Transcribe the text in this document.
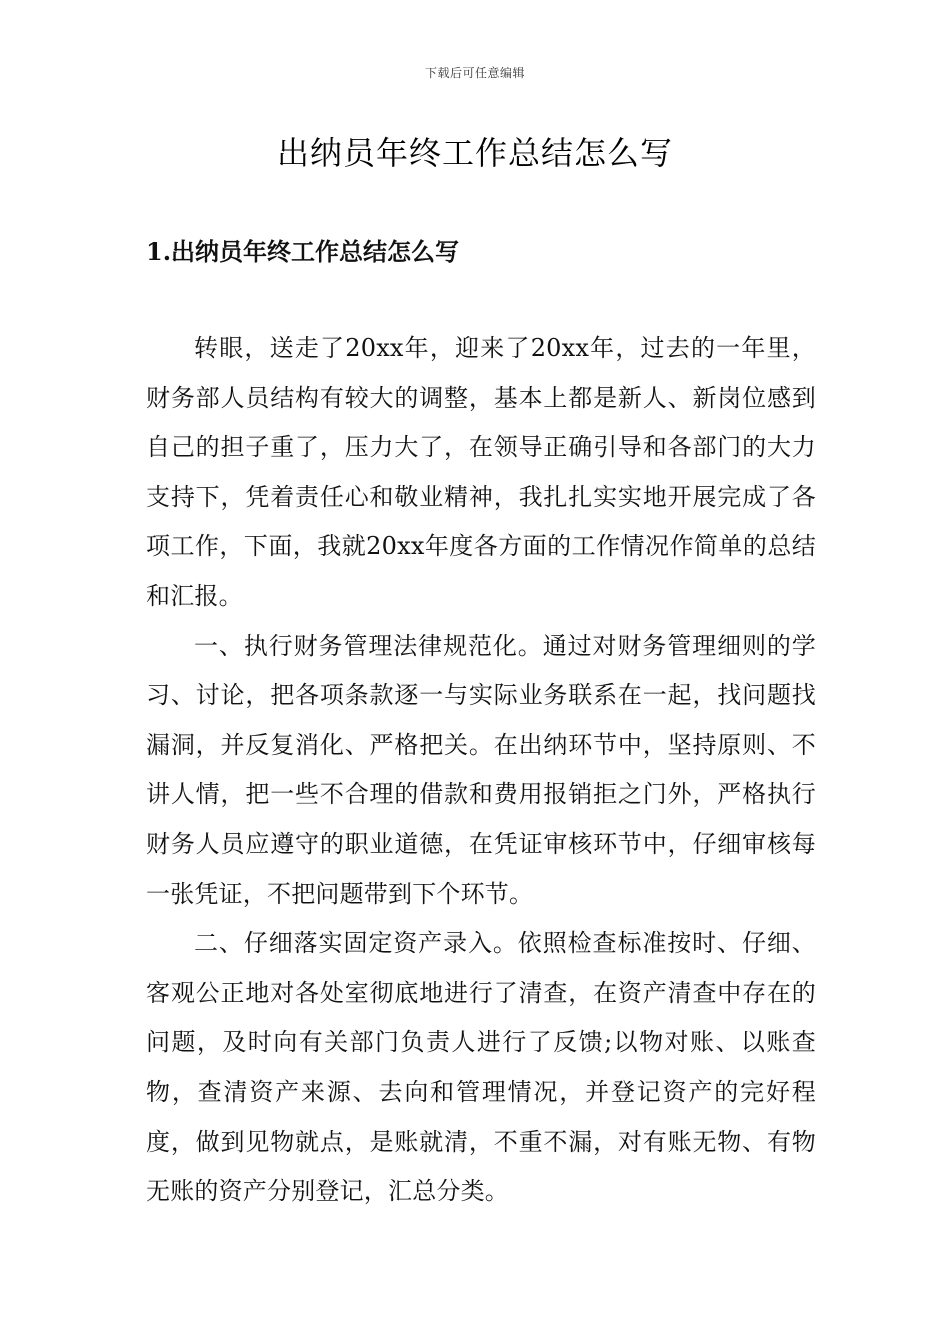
下载后可任意编辑
出纳员年终工作总结怎么写
1.出纳员年终工作总结怎么写

转眼，送走了20xx年，迎来了20xx年，过去的一年里，财务部人员结构有较大的调整，基本上都是新人、新岗位感到自己的担子重了，压力大了，在领导正确引导和各部门的大力支持下，凭着责任心和敬业精神，我扎扎实实地开展完成了各项工作，下面，我就20xx年度各方面的工作情况作简单的总结和汇报。

一、执行财务管理法律规范化。通过对财务管理细则的学习、讨论，把各项条款逐一与实际业务联系在一起，找问题找漏洞，并反复消化、严格把关。在出纳环节中，坚持原则、不讲人情，把一些不合理的借款和费用报销拒之门外，严格执行财务人员应遵守的职业道德，在凭证审核环节中，仔细审核每一张凭证，不把问题带到下个环节。

二、仔细落实固定资产录入。依照检查标准按时、仔细、客观公正地对各处室彻底地进行了清查，在资产清查中存在的问题，及时向有关部门负责人进行了反馈;以物对账、以账查物，查清资产来源、去向和管理情况，并登记资产的完好程度，做到见物就点，是账就清，不重不漏，对有账无物、有物无账的资产分别登记，汇总分类。
